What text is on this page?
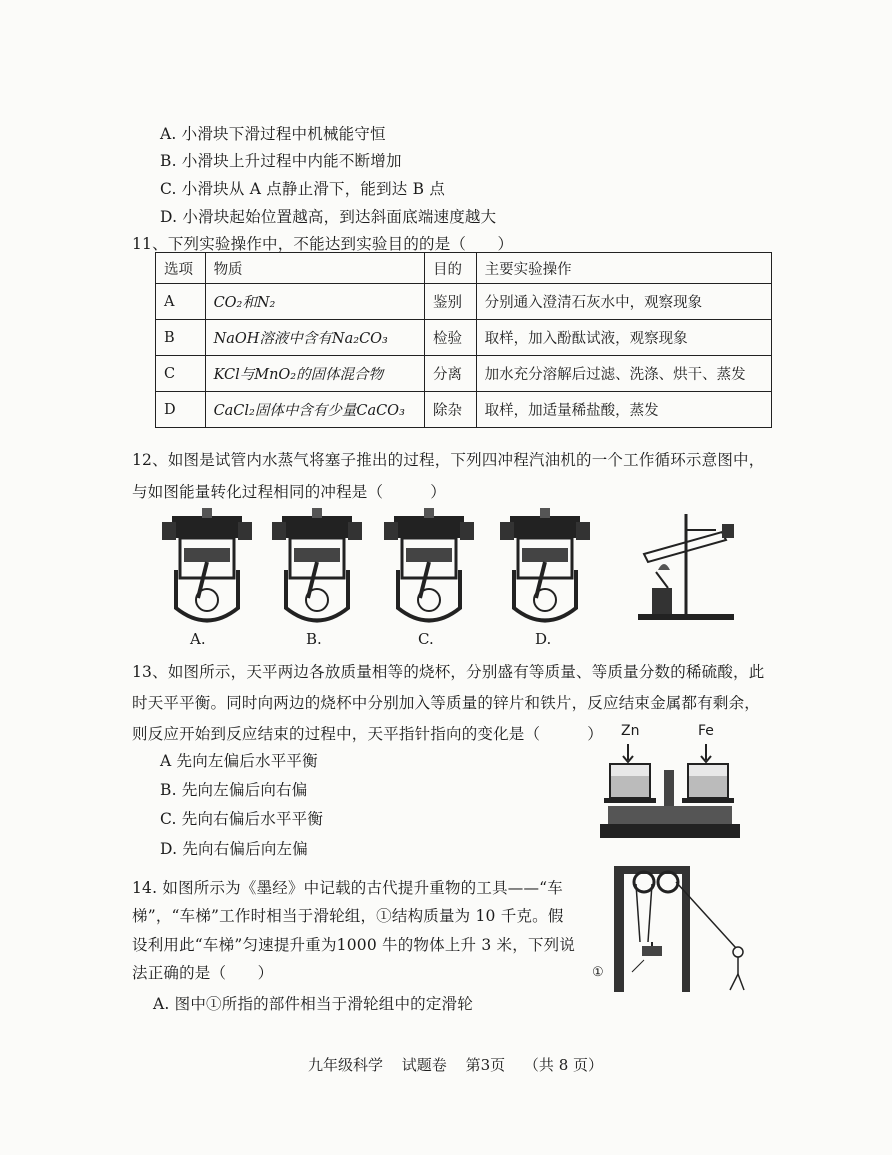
A. 小滑块下滑过程中机械能守恒
B. 小滑块上升过程中内能不断增加
C. 小滑块从 A 点静止滑下，能到达 B 点
D. 小滑块起始位置越高，到达斜面底端速度越大
11、下列实验操作中，不能达到实验目的的是（　　）
选项	物质	目的	主要实验操作
A	CO₂和N₂	鉴别	分别通入澄清石灰水中，观察现象
B	NaOH溶液中含有Na₂CO₃	检验	取样，加入酚酞试液，观察现象
C	KCl与MnO₂的固体混合物	分离	加水充分溶解后过滤、洗涤、烘干、蒸发
D	CaCl₂固体中含有少量CaCO₃	除杂	取样，加适量稀盐酸，蒸发
12、如图是试管内水蒸气将塞子推出的过程，下列四冲程汽油机的一个工作循环示意图中，
与如图能量转化过程相同的冲程是（　　　）
A.	B.	C.	D.
13、如图所示，天平两边各放质量相等的烧杯，分别盛有等质量、等质量分数的稀硫酸，此
时天平平衡。同时向两边的烧杯中分别加入等质量的锌片和铁片，反应结束金属都有剩余，
则反应开始到反应结束的过程中，天平指针指向的变化是（　　　）
A 先向左偏后水平平衡
B. 先向左偏后向右偏
C. 先向右偏后水平平衡
D. 先向右偏后向左偏
Zn	Fe
14. 如图所示为《墨经》中记载的古代提升重物的工具——“车
梯”，“车梯”工作时相当于滑轮组，①结构质量为 10 千克。假
设利用此“车梯”匀速提升重为1000 牛的物体上升 3 米，下列说
法正确的是（　　）
A. 图中①所指的部件相当于滑轮组中的定滑轮
①
九年级科学 试题卷 第3页 （共 8 页）
